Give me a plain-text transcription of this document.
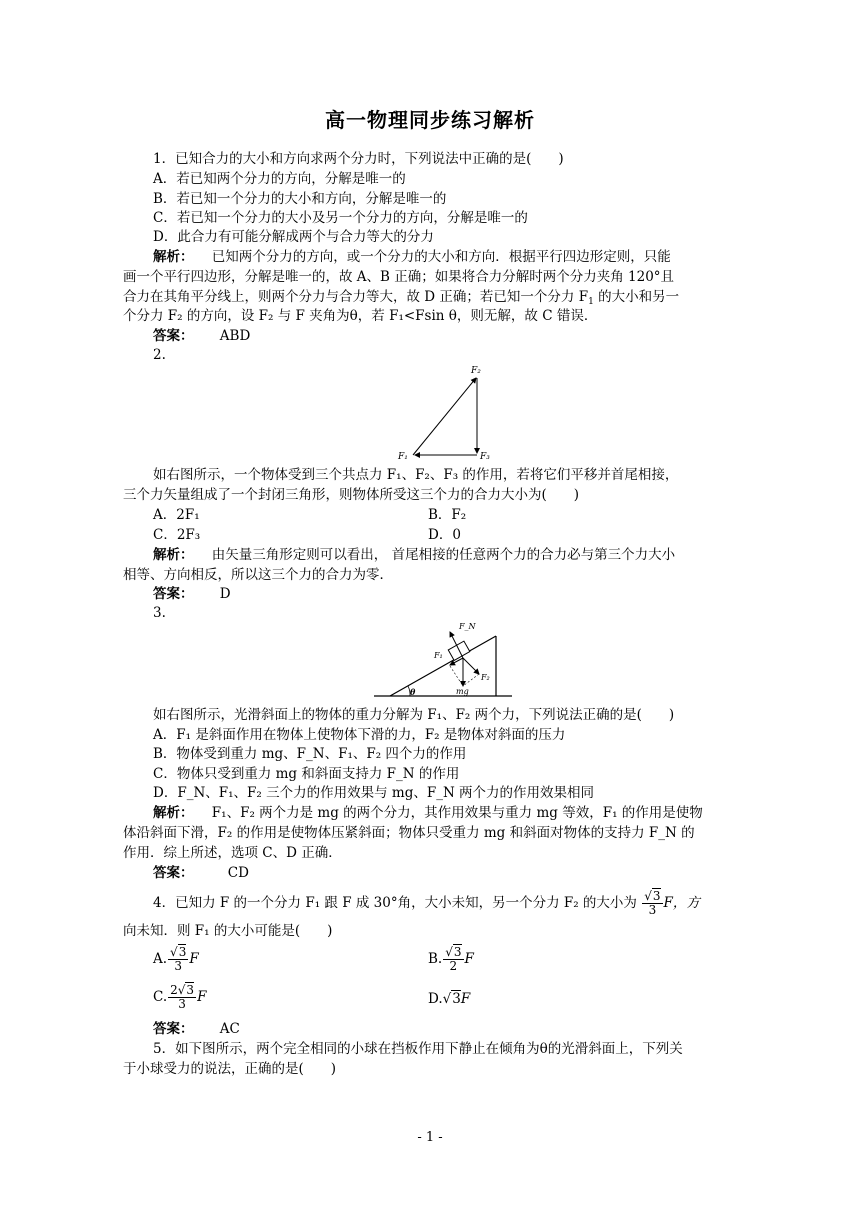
高一物理同步练习解析
1．已知合力的大小和方向求两个分力时，下列说法中正确的是(　　)
A．若已知两个分力的方向，分解是唯一的
B．若已知一个分力的大小和方向，分解是唯一的
C．若已知一个分力的大小及另一个分力的方向，分解是唯一的
D．此合力有可能分解成两个与合力等大的分力
解析： 已知两个分力的方向，或一个分力的大小和方向．根据平行四边形定则，只能
画一个平行四边形，分解是唯一的，故 A、B 正确；如果将合力分解时两个分力夹角 120°且
合力在其角平分线上，则两个分力与合力等大，故 D 正确；若已知一个分力 $F_1$ 的大小和另一
个分力 F₂ 的方向，设 F₂ 与 F 夹角为θ，若 F₁<Fsin θ，则无解，故 C 错误．
答案： ABD
2.
F₂
F₁	F₃
如右图所示，一个物体受到三个共点力 F₁、F₂、F₃ 的作用，若将它们平移并首尾相接，
三个力矢量组成了一个封闭三角形，则物体所受这三个力的合力大小为(　　)
A．2F₁	B．F₂
C．2F₃	D．0
解析： 由矢量三角形定则可以看出， 首尾相接的任意两个力的合力必与第三个力大小
相等、方向相反，所以这三个力的合力为零．
答案： D
3.
F_N
F₁
F₂
mg
θ
如右图所示，光滑斜面上的物体的重力分解为 F₁、F₂ 两个力，下列说法正确的是(　　)
A．F₁ 是斜面作用在物体上使物体下滑的力，F₂ 是物体对斜面的压力
B．物体受到重力 mg、F_N、F₁、F₂ 四个力的作用
C．物体只受到重力 mg 和斜面支持力 F_N 的作用
D．F_N、F₁、F₂ 三个力的作用效果与 mg、F_N 两个力的作用效果相同
解析： F₁、F₂ 两个力是 mg 的两个分力，其作用效果与重力 mg 等效，F₁ 的作用是使物
体沿斜面下滑，F₂ 的作用是使物体压紧斜面；物体只受重力 mg 和斜面对物体的支持力 F_N 的
作用．综上所述，选项 C、D 正确．
答案：	CD
4．已知力 F 的一个分力 F₁ 跟 F 成 30°角，大小未知，另一个分力 F₂ 的大小为 $\frac{√3}{3}$ F，方
向未知．则 F₁ 的大小可能是(　　)
A. $\frac{√3}{3}$ F	B. $\frac{√3}{2}$ F
C. $\frac{2√3}{3}$ F	D.√3F
答案： AC
5．如下图所示，两个完全相同的小球在挡板作用下静止在倾角为θ的光滑斜面上，下列关
于小球受力的说法，正确的是(　　)
- 1 -
